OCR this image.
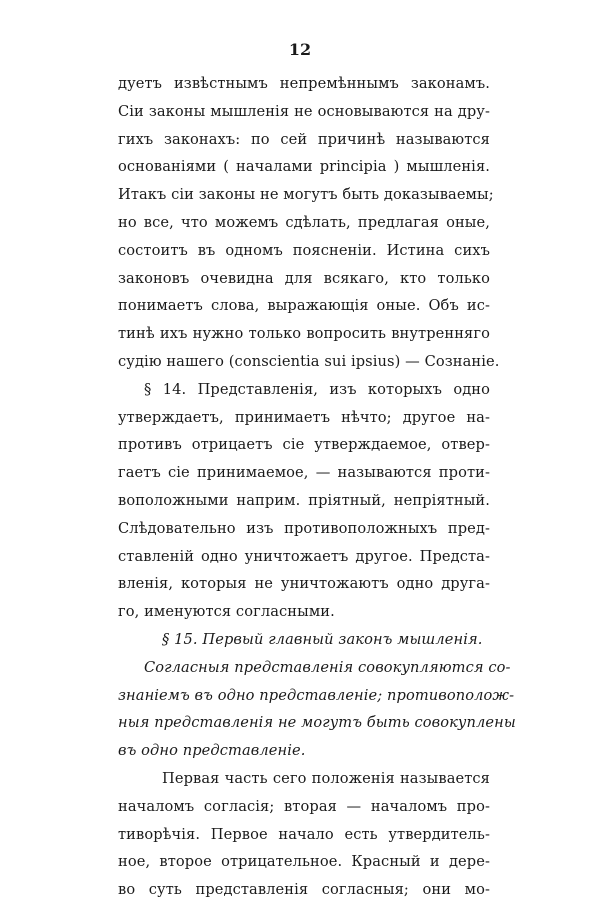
12
дуетъ извѣстнымъ непремѣннымъ законамъ.
Сіи законы мышленія не основываются на дру-
гихъ законахъ: по сей причинѣ называются
основаніями ( началами principia ) мышленія.
Итакъ сіи законы не могутъ быть доказываемы;
но все, что можемъ сдѣлать, предлагая оные,
состоитъ въ одномъ поясненіи. Истина сихъ
законовъ очевидна для всякаго, кто только
понимаетъ слова, выражающія оные. Объ ис-
тинѣ ихъ нужно только вопросить внутренняго
судію нашего (conscientia sui ipsius) — Сознаніе.
§ 14. Представленія, изъ которыхъ одно
утверждаетъ, принимаетъ нѣчто; другое на-
противъ отрицаетъ сіе утверждаемое, отвер-
гаетъ сіе принимаемое, — называются проти-
воположными наприм. пріятный, непріятный.
Слѣдовательно изъ противоположныхъ пред-
ставленій одно уничтожаетъ другое. Предста-
вленія, которыя не уничтожаютъ одно друга-
го, именуются согласными.
§ 15. Первый главный законъ мышленія.
Согласныя представленія совокупляются со-
знаніемъ въ одно представленіе; противополож-
ныя представленія не могутъ быть совокуплены
въ одно представленіе.
Первая часть сего положенія называется
началомъ согласія; вторая — началомъ про-
тиворѣчія. Первое начало есть утвердитель-
ное, второе отрицательное. Красный и дере-
во суть представленія согласныя; они мо-
